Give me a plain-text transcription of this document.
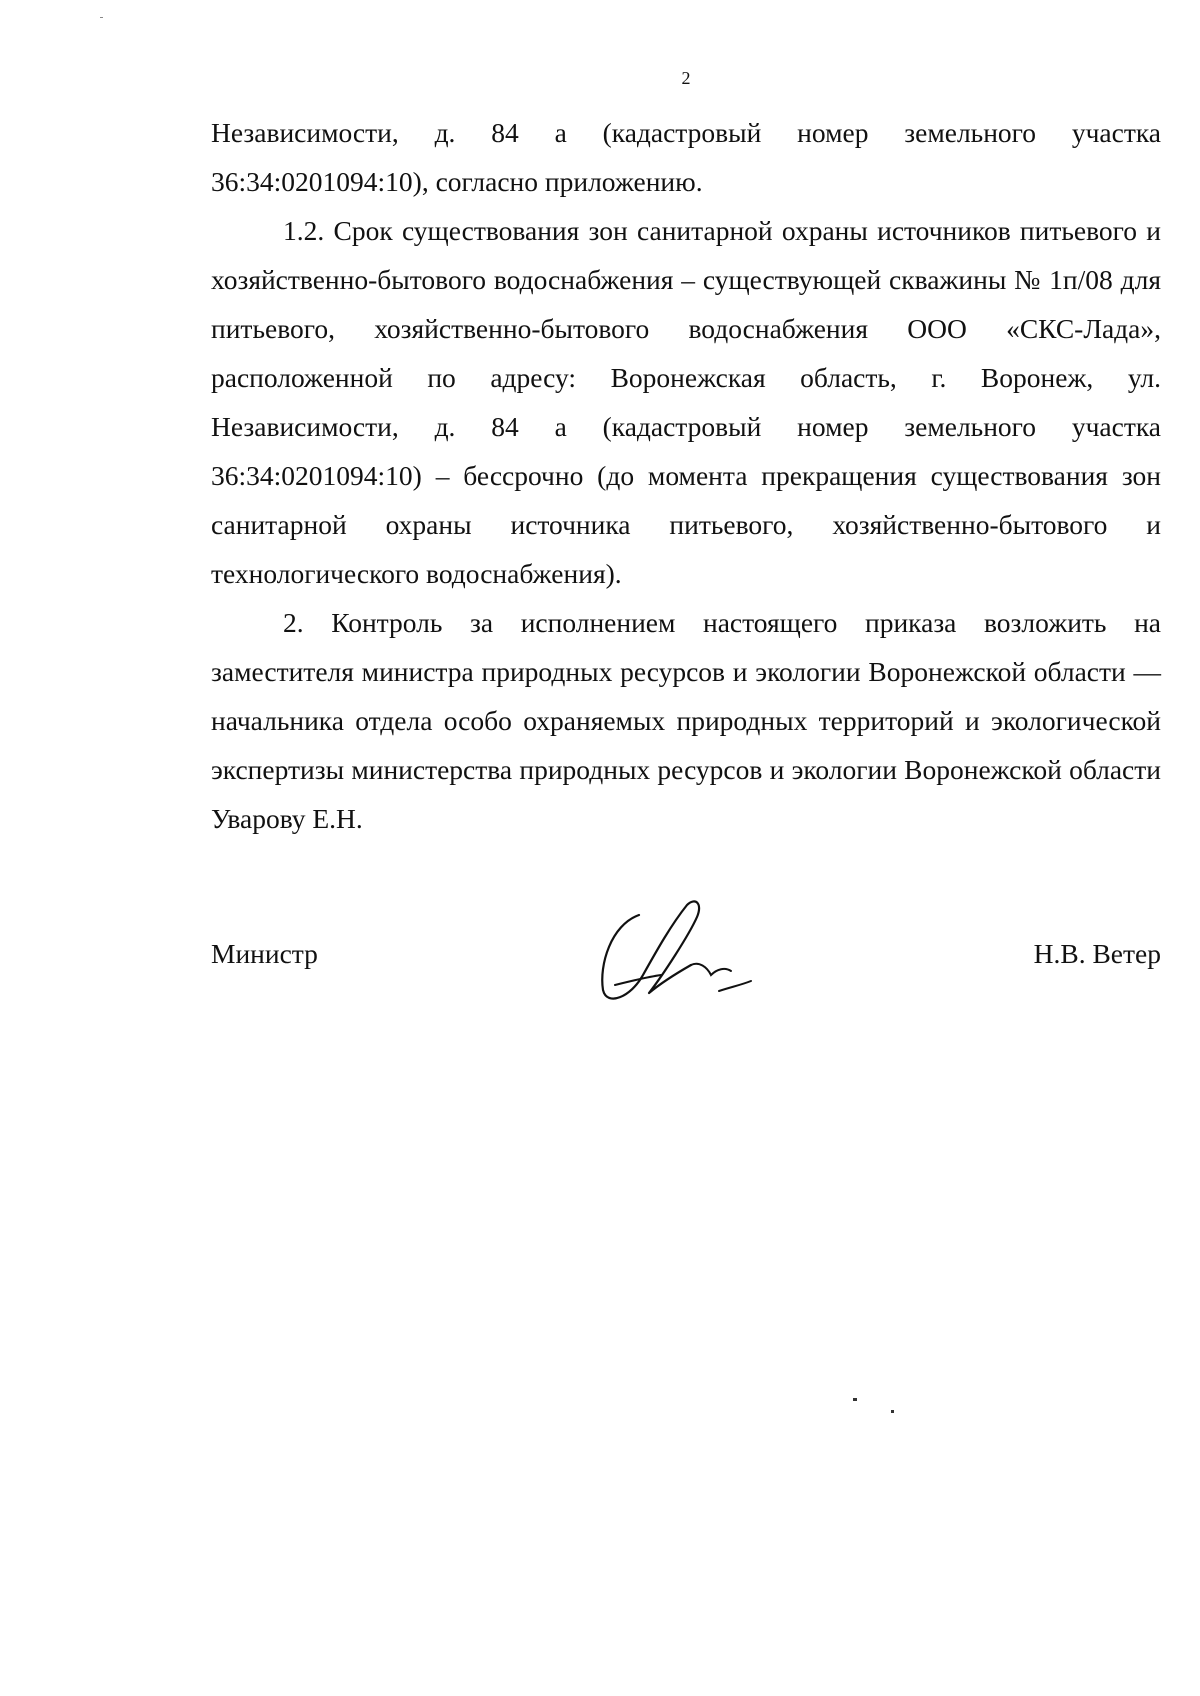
2

Независимости, д. 84 а (кадастровый номер земельного участка 36:34:0201094:10), согласно приложению.

1.2. Срок существования зон санитарной охраны источников питьевого и хозяйственно-бытового водоснабжения – существующей скважины № 1п/08 для питьевого, хозяйственно-бытового водоснабжения ООО «СКС-Лада», расположенной по адресу: Воронежская область, г. Воронеж, ул. Независимости, д. 84 а (кадастровый номер земельного участка 36:34:0201094:10) – бессрочно (до момента прекращения существования зон санитарной охраны источника питьевого, хозяйственно-бытового и технологического водоснабжения).

2. Контроль за исполнением настоящего приказа возложить на заместителя министра природных ресурсов и экологии Воронежской области — начальника отдела особо охраняемых природных территорий и экологической экспертизы министерства природных ресурсов и экологии Воронежской области Уварову Е.Н.

Министр	Н.В. Ветер
